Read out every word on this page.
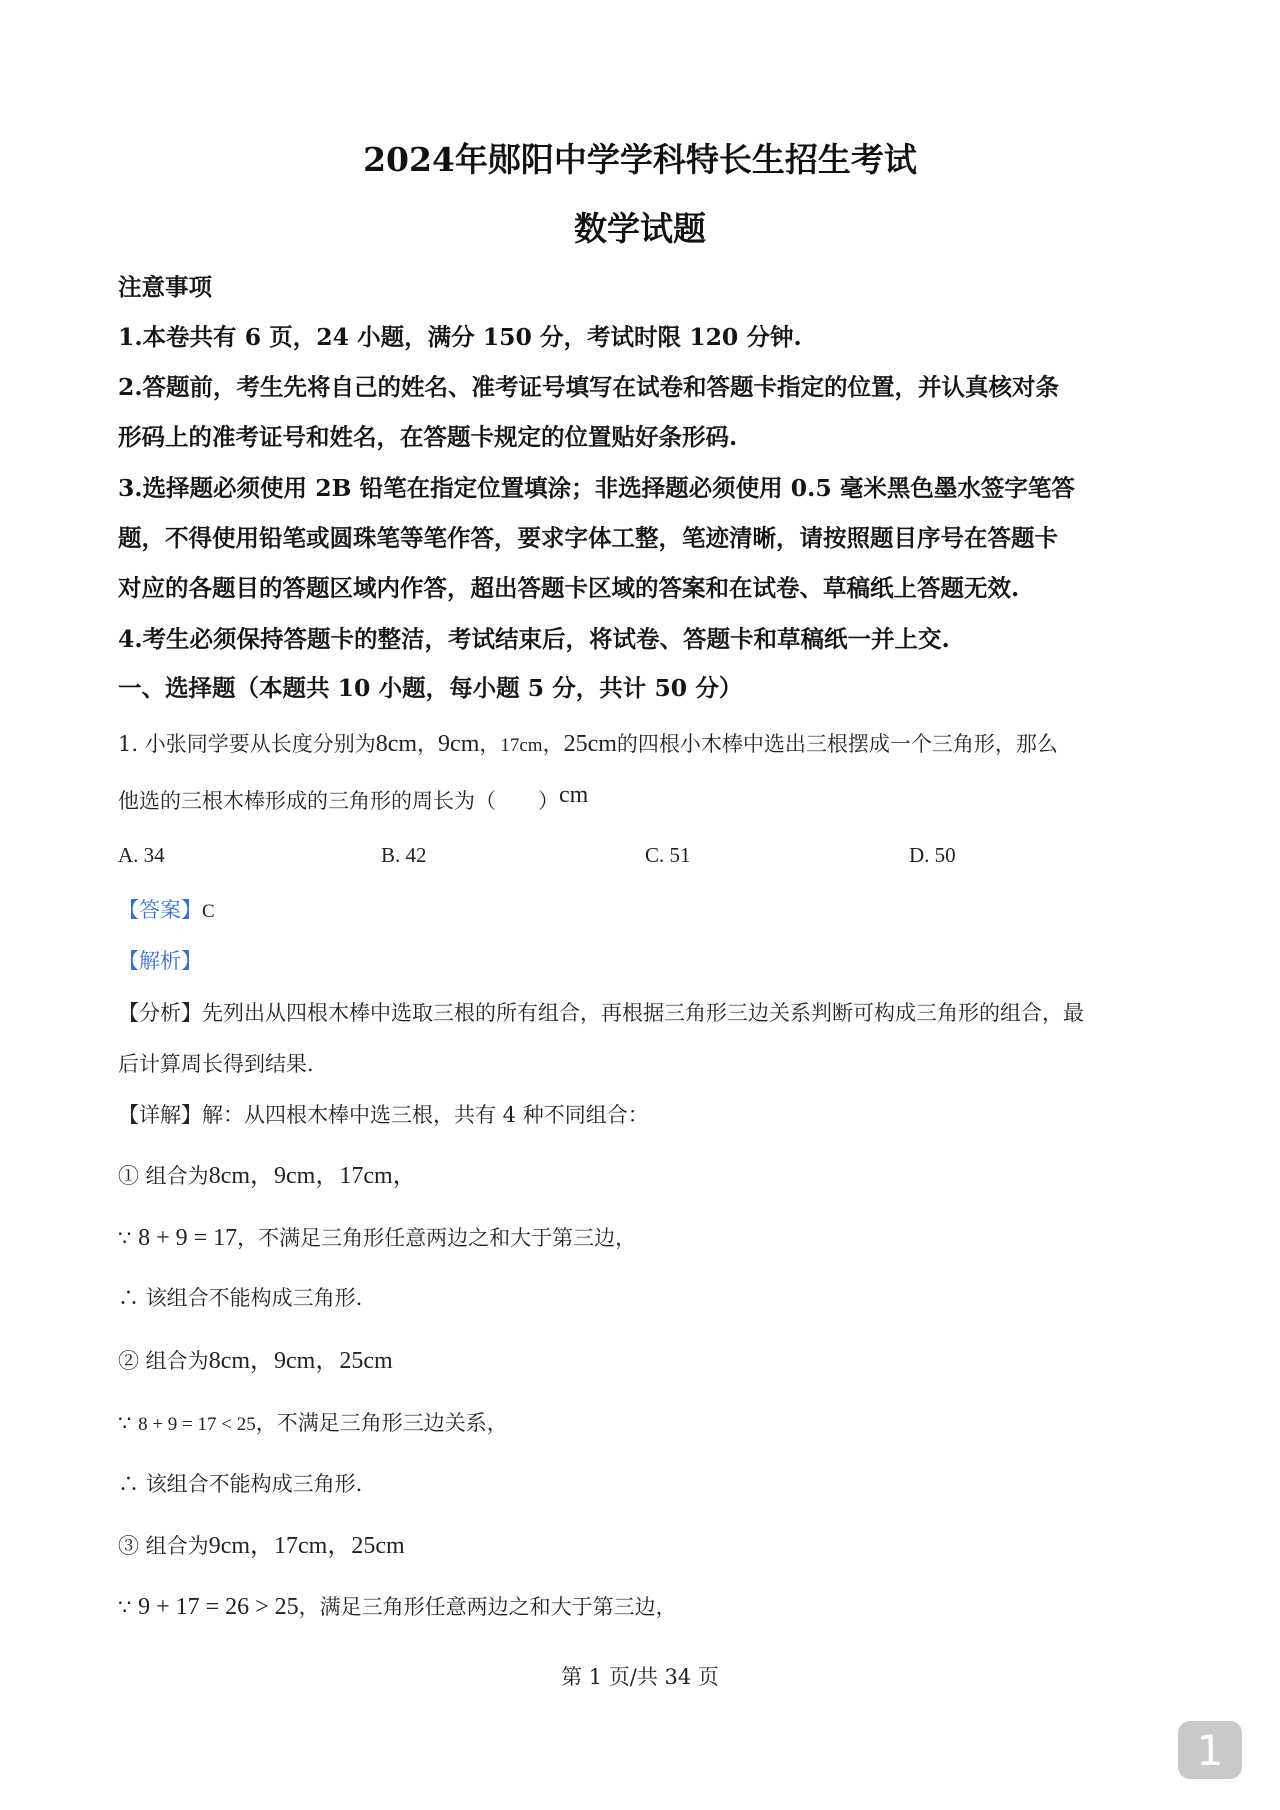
2024年郧阳中学学科特长生招生考试
数学试题
注意事项
1.本卷共有 6 页，24 小题，满分 150 分，考试时限 120 分钟.
2.答题前，考生先将自己的姓名、准考证号填写在试卷和答题卡指定的位置，并认真核对条
形码上的准考证号和姓名，在答题卡规定的位置贴好条形码.
3.选择题必须使用 2B 铅笔在指定位置填涂；非选择题必须使用 0.5 毫米黑色墨水签字笔答
题，不得使用铅笔或圆珠笔等笔作答，要求字体工整，笔迹清晰，请按照题目序号在答题卡
对应的各题目的答题区域内作答，超出答题卡区域的答案和在试卷、草稿纸上答题无效.
4.考生必须保持答题卡的整洁，考试结束后，将试卷、答题卡和草稿纸一并上交.
一、选择题（本题共 10 小题，每小题 5 分，共计 50 分）
1. 小张同学要从长度分别为8cm，9cm，17cm，25cm的四根小木棒中选出三根摆成一个三角形，那么
他选的三根木棒形成的三角形的周长为（　　）cm
A. 34	B. 42	C. 51	D. 50
【答案】C
【解析】
【分析】先列出从四根木棒中选取三根的所有组合，再根据三角形三边关系判断可构成三角形的组合，最
后计算周长得到结果.
【详解】解：从四根木棒中选三根，共有 4 种不同组合：
① 组合为8cm，9cm，17cm，
∵ 8 + 9 = 17，不满足三角形任意两边之和大于第三边，
∴ 该组合不能构成三角形.
② 组合为8cm，9cm，25cm
∵ 8 + 9 = 17 < 25，不满足三角形三边关系，
∴ 该组合不能构成三角形.
③ 组合为9cm，17cm，25cm
∵ 9 + 17 = 26 > 25，满足三角形任意两边之和大于第三边，
第 1 页/共 34 页
1
